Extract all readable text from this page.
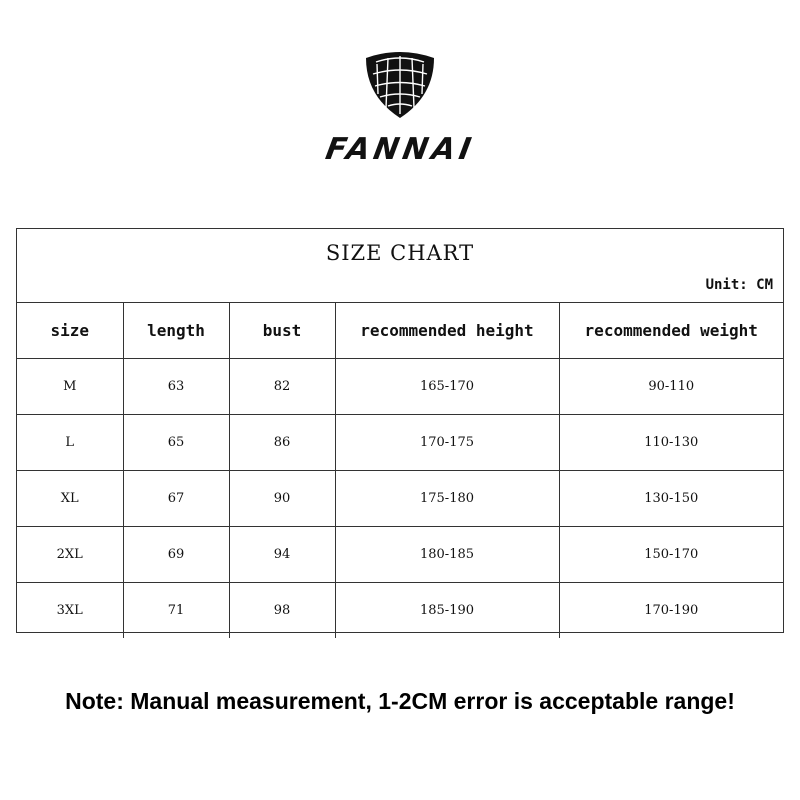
FANNAI
SIZE CHART
Unit: CM
size	length	bust	recommended height	recommended weight
M	63	82	165-170	90-110
L	65	86	170-175	110-130
XL	67	90	175-180	130-150
2XL	69	94	180-185	150-170
3XL	71	98	185-190	170-190
Note: Manual measurement, 1-2CM error is acceptable range!
